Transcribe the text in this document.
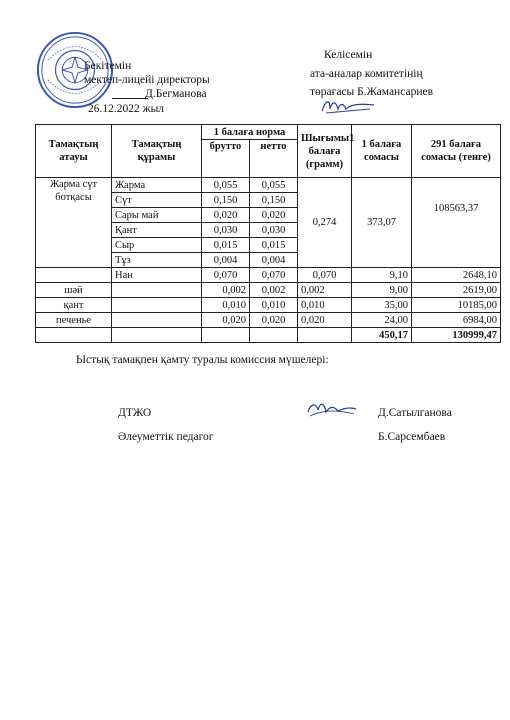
Бекітемін
мектеп-лицейі директоры
Д.Бегманова
26.12.2022 жыл
Келісемін
ата-аналар комитетінің
төрағасы Б.Жамансариев
Тамақтың атауы	Тамақтың құрамы	1 балаға норма		Шығымы1 балаға (грамм)	1 балаға сомасы	291 балаға сомасы (тенге)
		брутто	нетто			
Жарма сүт ботқасы	Жарма	0,055	0,055	0,274	373,07	108563,37
	Сүт	0,150	0,150			
	Сары май	0,020	0,020			
	Қант	0,030	0,030			
	Сыр	0,015	0,015			
	Тұз	0,004	0,004			
	Нан	0,070	0,070	0,070	9,10	2648,10
шәй		0,002	0,002	0,002	9,00	2619,00
қант		0,010	0,010	0,010	35,00	10185,00
печенье		0,020	0,020	0,020	24,00	6984,00
					450,17	130999,47
Ыстық тамақпен қамту туралы комиссия мүшелері:
ДТЖО	Д.Сатылганова
Әлеуметтік педагог	Б.Сарсембаев
